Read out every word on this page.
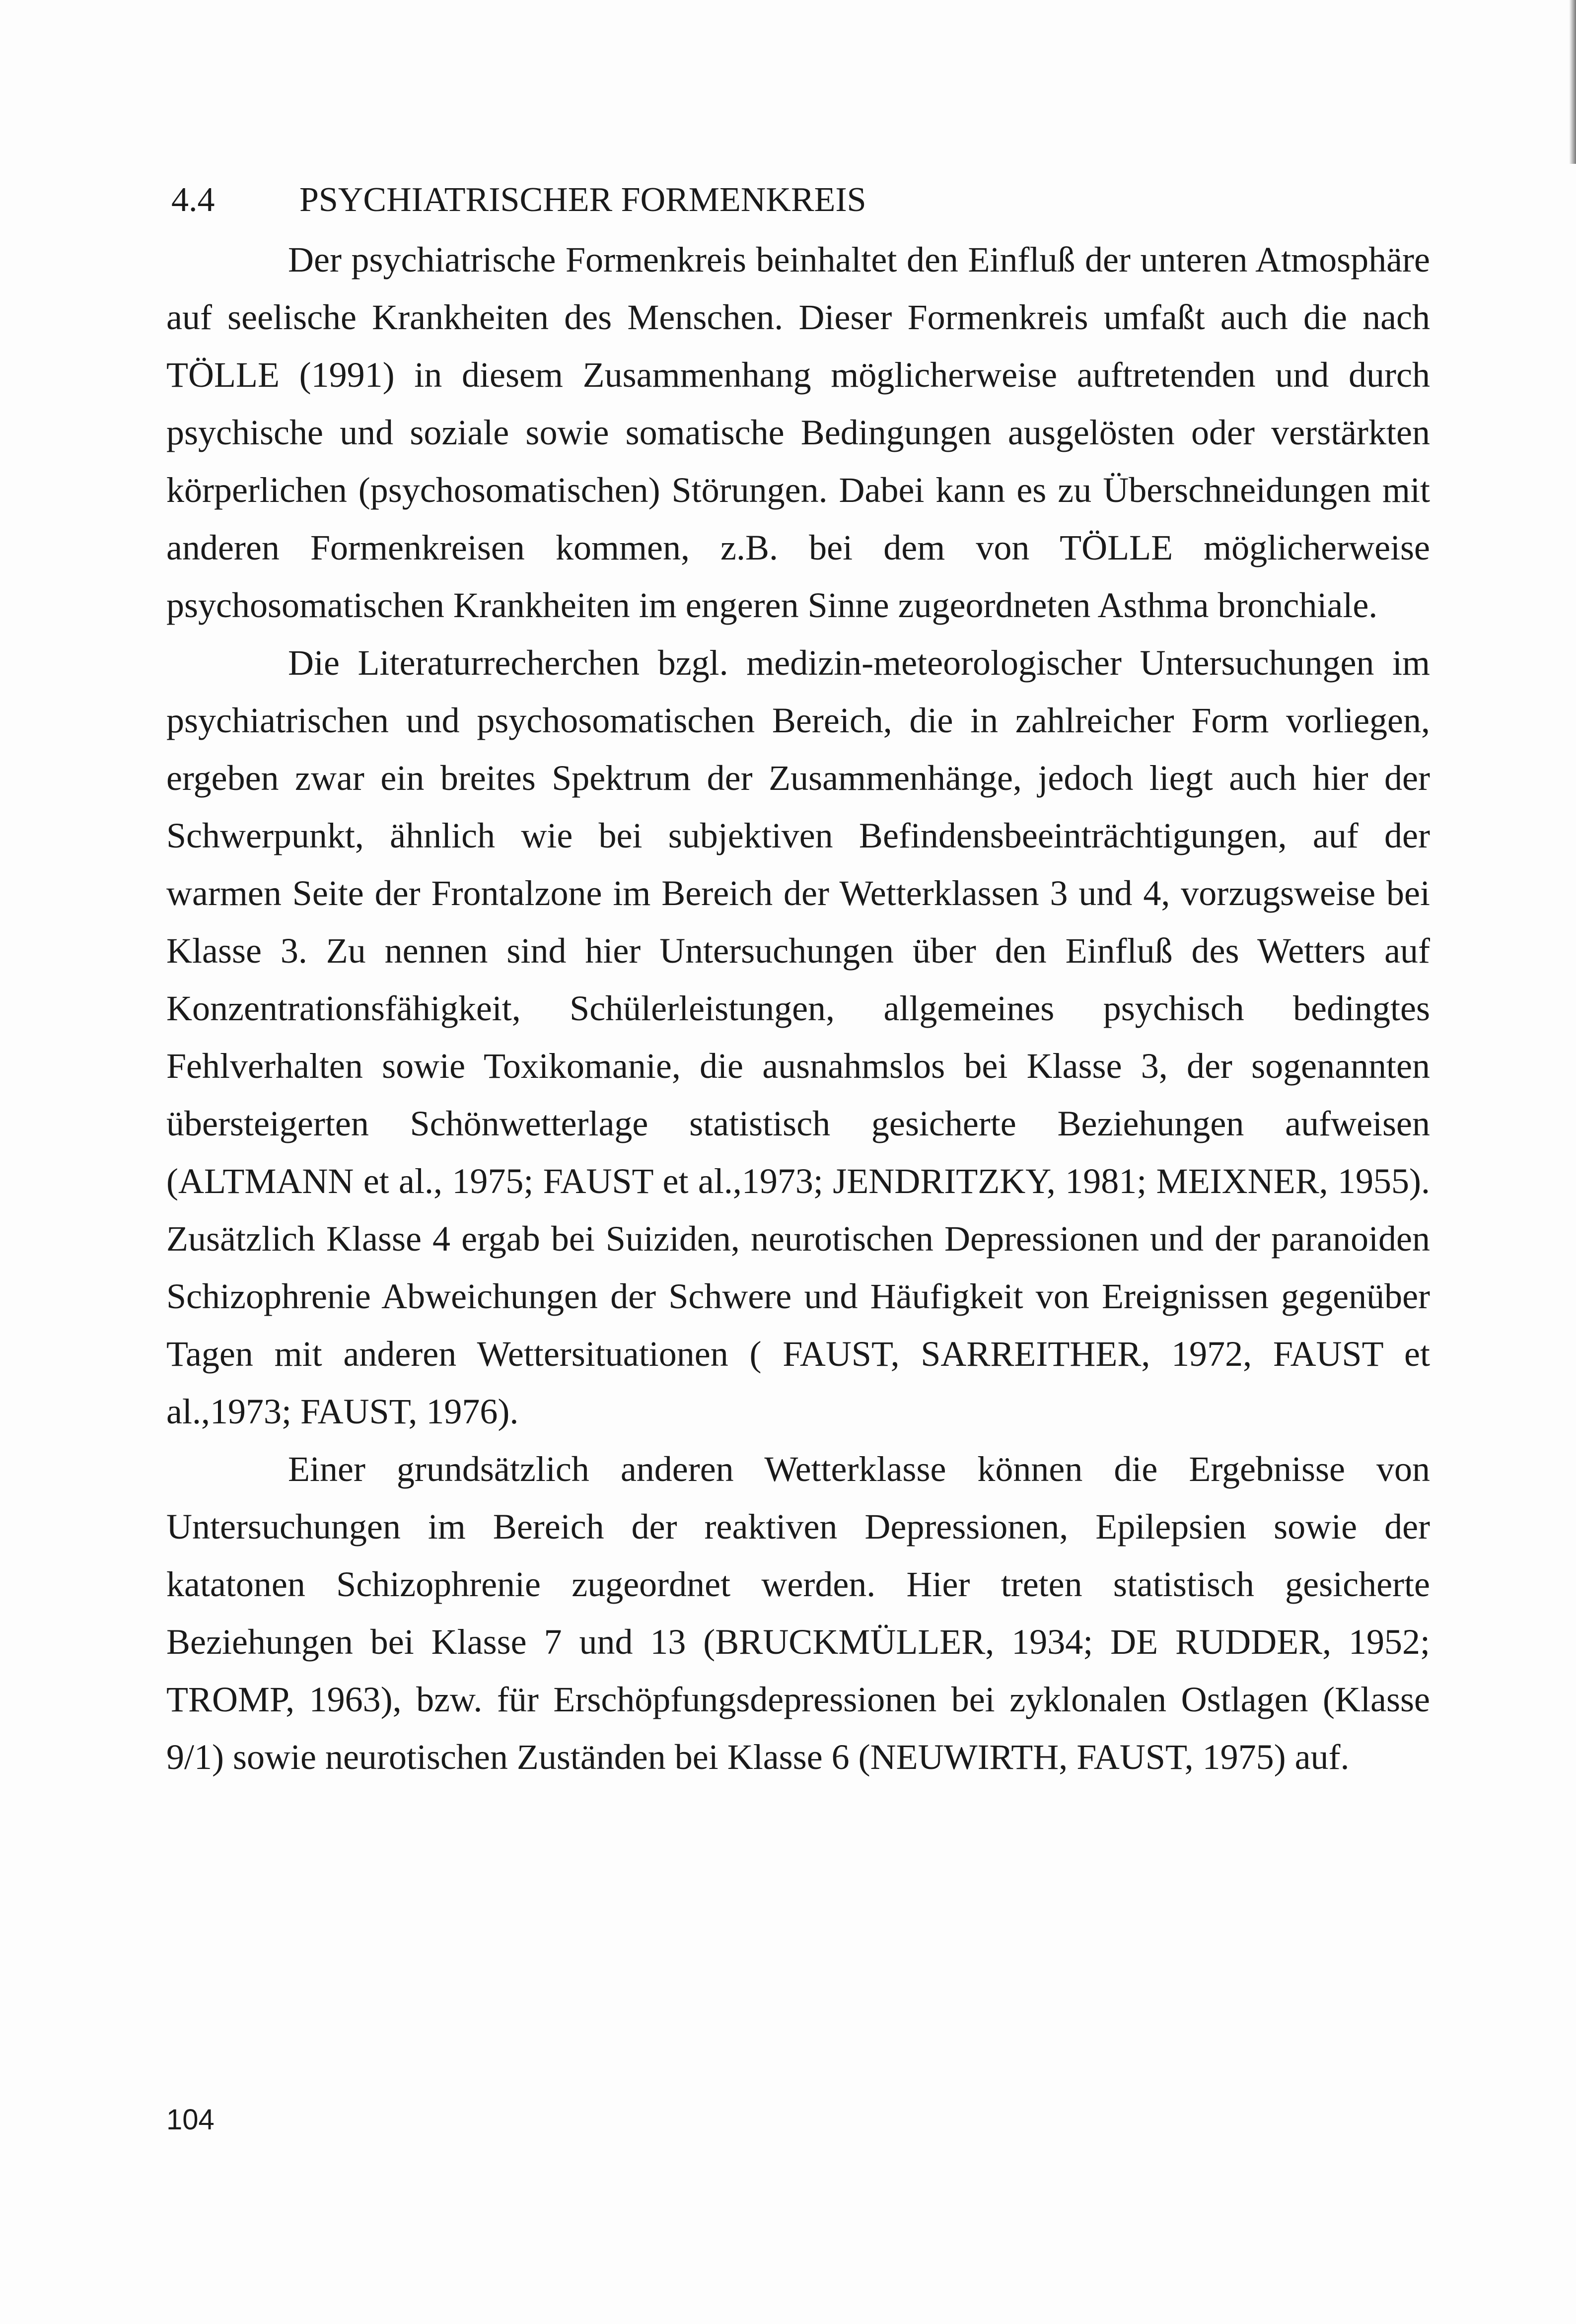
4.4 PSYCHIATRISCHER FORMENKREIS

Der psychiatrische Formenkreis beinhaltet den Einfluß der unteren Atmosphäre auf seelische Krankheiten des Menschen. Dieser Formenkreis umfaßt auch die nach TÖLLE (1991) in diesem Zusammenhang möglicherweise auftretenden und durch psychische und soziale sowie somatische Bedingungen ausgelösten oder verstärkten körperlichen (psychosomatischen) Störungen. Dabei kann es zu Überschneidungen mit anderen Formenkreisen kommen, z.B. bei dem von TÖLLE möglicherweise psychosomatischen Krankheiten im engeren Sinne zugeordneten Asthma bronchiale.

Die Literaturrecherchen bzgl. medizin-meteorologischer Untersuchungen im psychiatrischen und psychosomatischen Bereich, die in zahlreicher Form vorliegen, ergeben zwar ein breites Spektrum der Zusammenhänge, jedoch liegt auch hier der Schwerpunkt, ähnlich wie bei subjektiven Befindensbeeinträchtigungen, auf der warmen Seite der Frontalzone im Bereich der Wetterklassen 3 und 4, vorzugsweise bei Klasse 3. Zu nennen sind hier Untersuchungen über den Einfluß des Wetters auf Konzentrationsfähigkeit, Schülerleistungen, allgemeines psychisch bedingtes Fehlverhalten sowie Toxikomanie, die ausnahmslos bei Klasse 3, der sogenannten übersteigerten Schönwetterlage statistisch gesicherte Beziehungen aufweisen (ALTMANN et al., 1975; FAUST et al.,1973; JENDRITZKY, 1981; MEIXNER, 1955). Zusätzlich Klasse 4 ergab bei Suiziden, neurotischen Depressionen und der paranoiden Schizophrenie Abweichungen der Schwere und Häufigkeit von Ereignissen gegenüber Tagen mit anderen Wettersituationen ( FAUST, SARREITHER, 1972, FAUST et al.,1973; FAUST, 1976).

Einer grundsätzlich anderen Wetterklasse können die Ergebnisse von Untersuchungen im Bereich der reaktiven Depressionen, Epilepsien sowie der katatonen Schizophrenie zugeordnet werden. Hier treten statistisch gesicherte Beziehungen bei Klasse 7 und 13 (BRUCKMÜLLER, 1934; DE RUDDER, 1952; TROMP, 1963), bzw. für Erschöpfungsdepressionen bei zyklonalen Ostlagen (Klasse 9/1) sowie neurotischen Zuständen bei Klasse 6 (NEUWIRTH, FAUST, 1975) auf.

104
